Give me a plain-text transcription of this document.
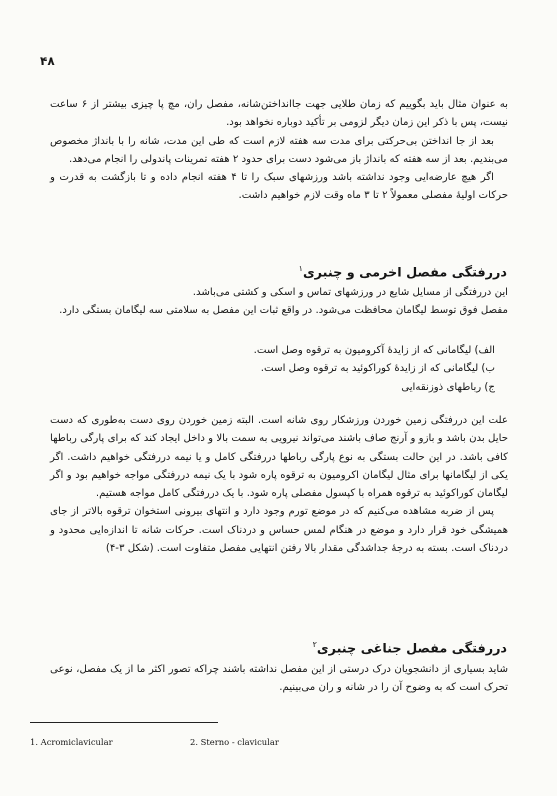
۴۸

به عنوان مثال باید بگوییم که زمان طلایی جهت جاانداختن‌شانه، مفصل ران، مچ پا چیزی بیشتر از ۶ ساعت نیست، پس با ذکر این زمان دیگر لزومی بر تأکید دوباره نخواهد بود.

بعد از جا انداختن بی‌حرکتی برای مدت سه هفته لازم است که طی این مدت، شانه را با بانداژ مخصوص می‌بندیم. بعد از سه هفته که بانداژ باز می‌شود دست برای حدود ۲ هفته تمرینات پاندولی را انجام می‌دهد.

اگر هیچ عارضه‌ایی وجود نداشته باشد ورزشهای سبک را تا ۴ هفته انجام داده و تا بازگشت به قدرت و حرکات اولیهٔ مفصلی معمولاً ۲ تا ۳ ماه وقت لازم خواهیم داشت.

دررفتگی مفصل اخرمی و چنبری$^۱$

این دررفتگی از مسایل شایع در ورزشهای تماس و اسکی و کشتی می‌باشد.

مفصل فوق توسط لیگامان محافظت می‌شود. در واقع ثبات این مفصل به سلامتی سه لیگامان بستگی دارد.

الف) لیگامانی که از زایدهٔ آکرومیون به ترقوه وصل است.
ب) لیگامانی که از زایدهٔ کوراکوئید به ترقوه وصل است.
ج) رباطهای ذوزنقه‌ایی

علت این دررفتگی زمین خوردن ورزشکار روی شانه است. البته زمین خوردن روی دست به‌طوری که دست حایل بدن باشد و بازو و آرنج صاف باشند می‌تواند نیرویی به سمت بالا و داخل ایجاد کند که برای پارگی رباطها کافی باشد. در این حالت بستگی به نوع پارگی رباطها دررفتگی کامل و یا نیمه دررفتگی خواهیم داشت. اگر یکی از لیگامانها برای مثال لیگامان اکرومیون به ترقوه پاره شود با یک نیمه دررفتگی مواجه خواهیم بود و اگر لیگامان کوراکوئید به ترقوه همراه با کپسول مفصلی پاره شود. با یک دررفتگی کامل مواجه هستیم.

پس از ضربه مشاهده می‌کنیم که در موضع تورم وجود دارد و انتهای بیرونی استخوان ترقوه بالاتر از جای همیشگی خود قرار دارد و موضع در هنگام لمس حساس و دردناک است. حرکات شانه تا اندازه‌ایی محدود و دردناک است. بسته به درجهٔ جداشدگی مقدار بالا رفتن انتهایی مفصل متفاوت است. (شکل ۳-۴)

دررفتگی مفصل جناغی چنبری$^۲$

شاید بسیاری از دانشجویان درک درستی از این مفصل نداشته باشند چراکه تصور اکثر ما از یک مفصل، نوعی تحرک است که به وضوح آن را در شانه و ران می‌بینیم.

1. Acromiclavicular	2. Sterno - clavicular
